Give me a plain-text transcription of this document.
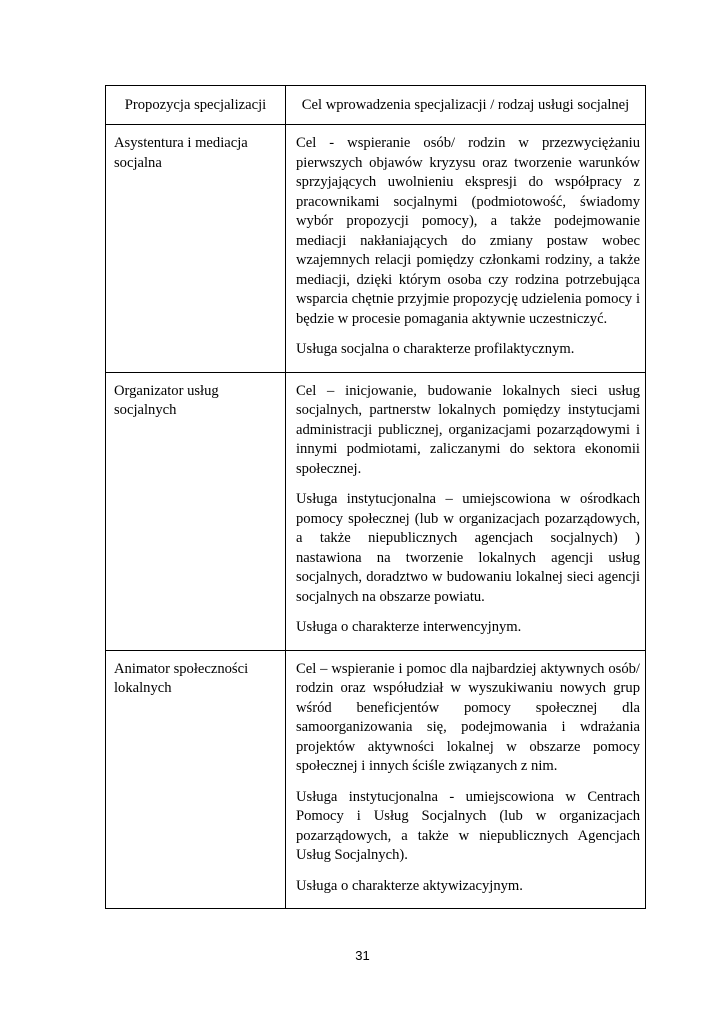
Propozycja specjalizacji	Cel wprowadzenia specjalizacji / rodzaj usługi socjalnej
Asystentura i mediacja socjalna	Cel - wspieranie osób/ rodzin w przezwyciężaniu pierwszych objawów kryzysu oraz tworzenie warunków sprzyjających uwolnieniu ekspresji do współpracy z pracownikami socjalnymi (podmiotowość, świadomy wybór propozycji pomocy), a także podejmowanie mediacji nakłaniających do zmiany postaw wobec wzajemnych relacji pomiędzy członkami rodziny, a także mediacji, dzięki którym osoba czy rodzina potrzebująca wsparcia chętnie przyjmie propozycję udzielenia pomocy i będzie w procesie pomagania aktywnie uczestniczyć.

Usługa socjalna o charakterze profilaktycznym.

Organizator usług socjalnych	Cel – inicjowanie, budowanie lokalnych sieci usług socjalnych, partnerstw lokalnych pomiędzy instytucjami administracji publicznej, organizacjami pozarządowymi i innymi podmiotami, zaliczanymi do sektora ekonomii społecznej.

Usługa instytucjonalna – umiejscowiona w ośrodkach pomocy społecznej (lub w organizacjach pozarządowych, a także niepublicznych agencjach socjalnych) ) nastawiona na tworzenie lokalnych agencji usług socjalnych, doradztwo w budowaniu lokalnej sieci agencji socjalnych na obszarze powiatu.

Usługa o charakterze interwencyjnym.

Animator społeczności lokalnych	Cel – wspieranie i pomoc dla najbardziej aktywnych osób/ rodzin oraz współudział w wyszukiwaniu nowych grup wśród beneficjentów pomocy społecznej dla samoorganizowania się, podejmowania i wdrażania projektów aktywności lokalnej w obszarze pomocy społecznej i innych ściśle związanych z nim.

Usługa instytucjonalna - umiejscowiona w Centrach Pomocy i Usług Socjalnych (lub w organizacjach pozarządowych, a także w niepublicznych Agencjach Usług Socjalnych).

Usługa o charakterze aktywizacyjnym.

31
